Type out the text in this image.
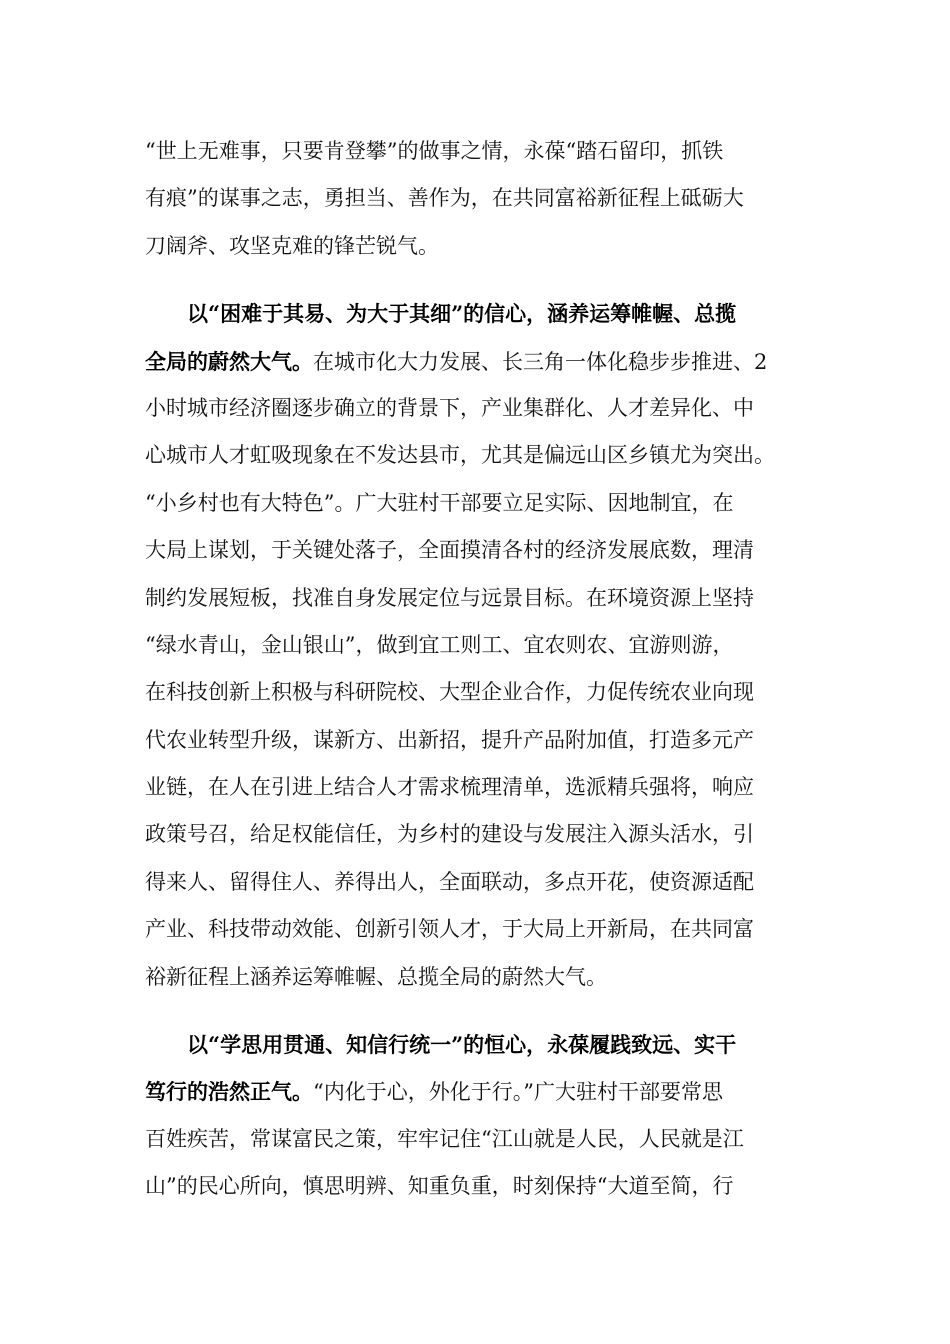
“世上无难事，只要肯登攀”的做事之情，永葆“踏石留印，抓铁
有痕”的谋事之志，勇担当、善作为，在共同富裕新征程上砥砺大
刀阔斧、攻坚克难的锋芒锐气。
以“困难于其易、为大于其细”的信心，涵养运筹帷幄、总揽
全局的蔚然大气。在城市化大力发展、长三角一体化稳步步推进、2
小时城市经济圈逐步确立的背景下，产业集群化、人才差异化、中
心城市人才虹吸现象在不发达县市，尤其是偏远山区乡镇尤为突出。
“小乡村也有大特色”。广大驻村干部要立足实际、因地制宜，在
大局上谋划，于关键处落子，全面摸清各村的经济发展底数，理清
制约发展短板，找准自身发展定位与远景目标。在环境资源上坚持
“绿水青山，金山银山”，做到宜工则工、宜农则农、宜游则游，
在科技创新上积极与科研院校、大型企业合作，力促传统农业向现
代农业转型升级，谋新方、出新招，提升产品附加值，打造多元产
业链，在人在引进上结合人才需求梳理清单，选派精兵强将，响应
政策号召，给足权能信任，为乡村的建设与发展注入源头活水，引
得来人、留得住人、养得出人，全面联动，多点开花，使资源适配
产业、科技带动效能、创新引领人才，于大局上开新局，在共同富
裕新征程上涵养运筹帷幄、总揽全局的蔚然大气。
以“学思用贯通、知信行统一”的恒心，永葆履践致远、实干
笃行的浩然正气。“内化于心，外化于行。”广大驻村干部要常思
百姓疾苦，常谋富民之策，牢牢记住“江山就是人民，人民就是江
山”的民心所向，慎思明辨、知重负重，时刻保持“大道至简，行
